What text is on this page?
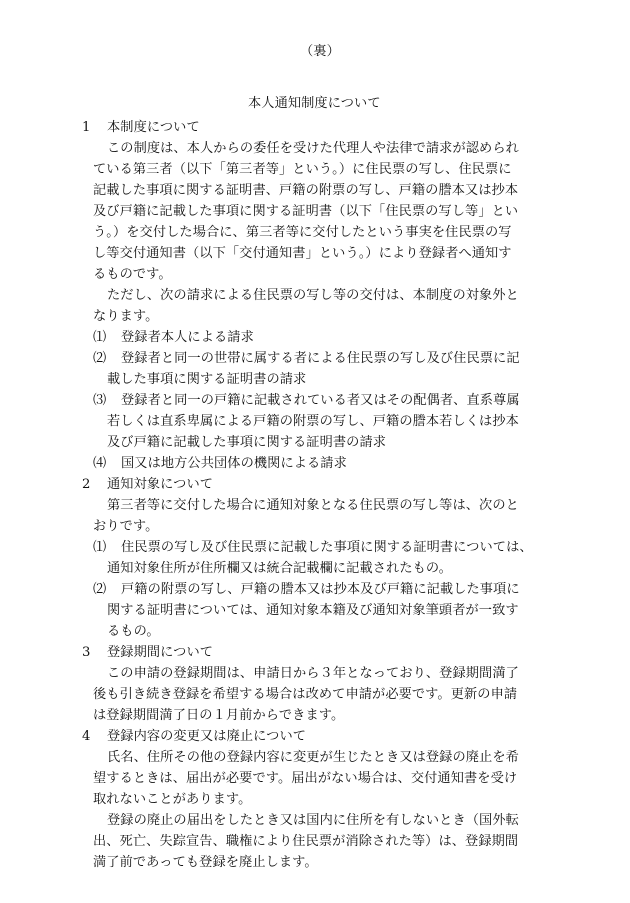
（裏）
本人通知制度について
1 本制度について
この制度は、本人からの委任を受けた代理人や法律で請求が認められ
ている第三者（以下「第三者等」という。）に住民票の写し、住民票に
記載した事項に関する証明書、戸籍の附票の写し、戸籍の謄本又は抄本
及び戸籍に記載した事項に関する証明書（以下「住民票の写し等」とい
う。）を交付した場合に、第三者等に交付したという事実を住民票の写
し等交付通知書（以下「交付通知書」という。）により登録者へ通知す
るものです。
ただし、次の請求による住民票の写し等の交付は、本制度の対象外と
なります。
⑴ 登録者本人による請求
⑵ 登録者と同一の世帯に属する者による住民票の写し及び住民票に記
載した事項に関する証明書の請求
⑶ 登録者と同一の戸籍に記載されている者又はその配偶者、直系尊属
若しくは直系卑属による戸籍の附票の写し、戸籍の謄本若しくは抄本
及び戸籍に記載した事項に関する証明書の請求
⑷ 国又は地方公共団体の機関による請求
2 通知対象について
第三者等に交付した場合に通知対象となる住民票の写し等は、次のと
おりです。
⑴ 住民票の写し及び住民票に記載した事項に関する証明書については、
通知対象住所が住所欄又は統合記載欄に記載されたもの。
⑵ 戸籍の附票の写し、戸籍の謄本又は抄本及び戸籍に記載した事項に
関する証明書については、通知対象本籍及び通知対象筆頭者が一致す
るもの。
3 登録期間について
この申請の登録期間は、申請日から３年となっており、登録期間満了
後も引き続き登録を希望する場合は改めて申請が必要です。更新の申請
は登録期間満了日の１月前からできます。
4 登録内容の変更又は廃止について
氏名、住所その他の登録内容に変更が生じたとき又は登録の廃止を希
望するときは、届出が必要です。届出がない場合は、交付通知書を受け
取れないことがあります。
登録の廃止の届出をしたとき又は国内に住所を有しないとき（国外転
出、死亡、失踪宣告、職権により住民票が消除された等）は、登録期間
満了前であっても登録を廃止します。
